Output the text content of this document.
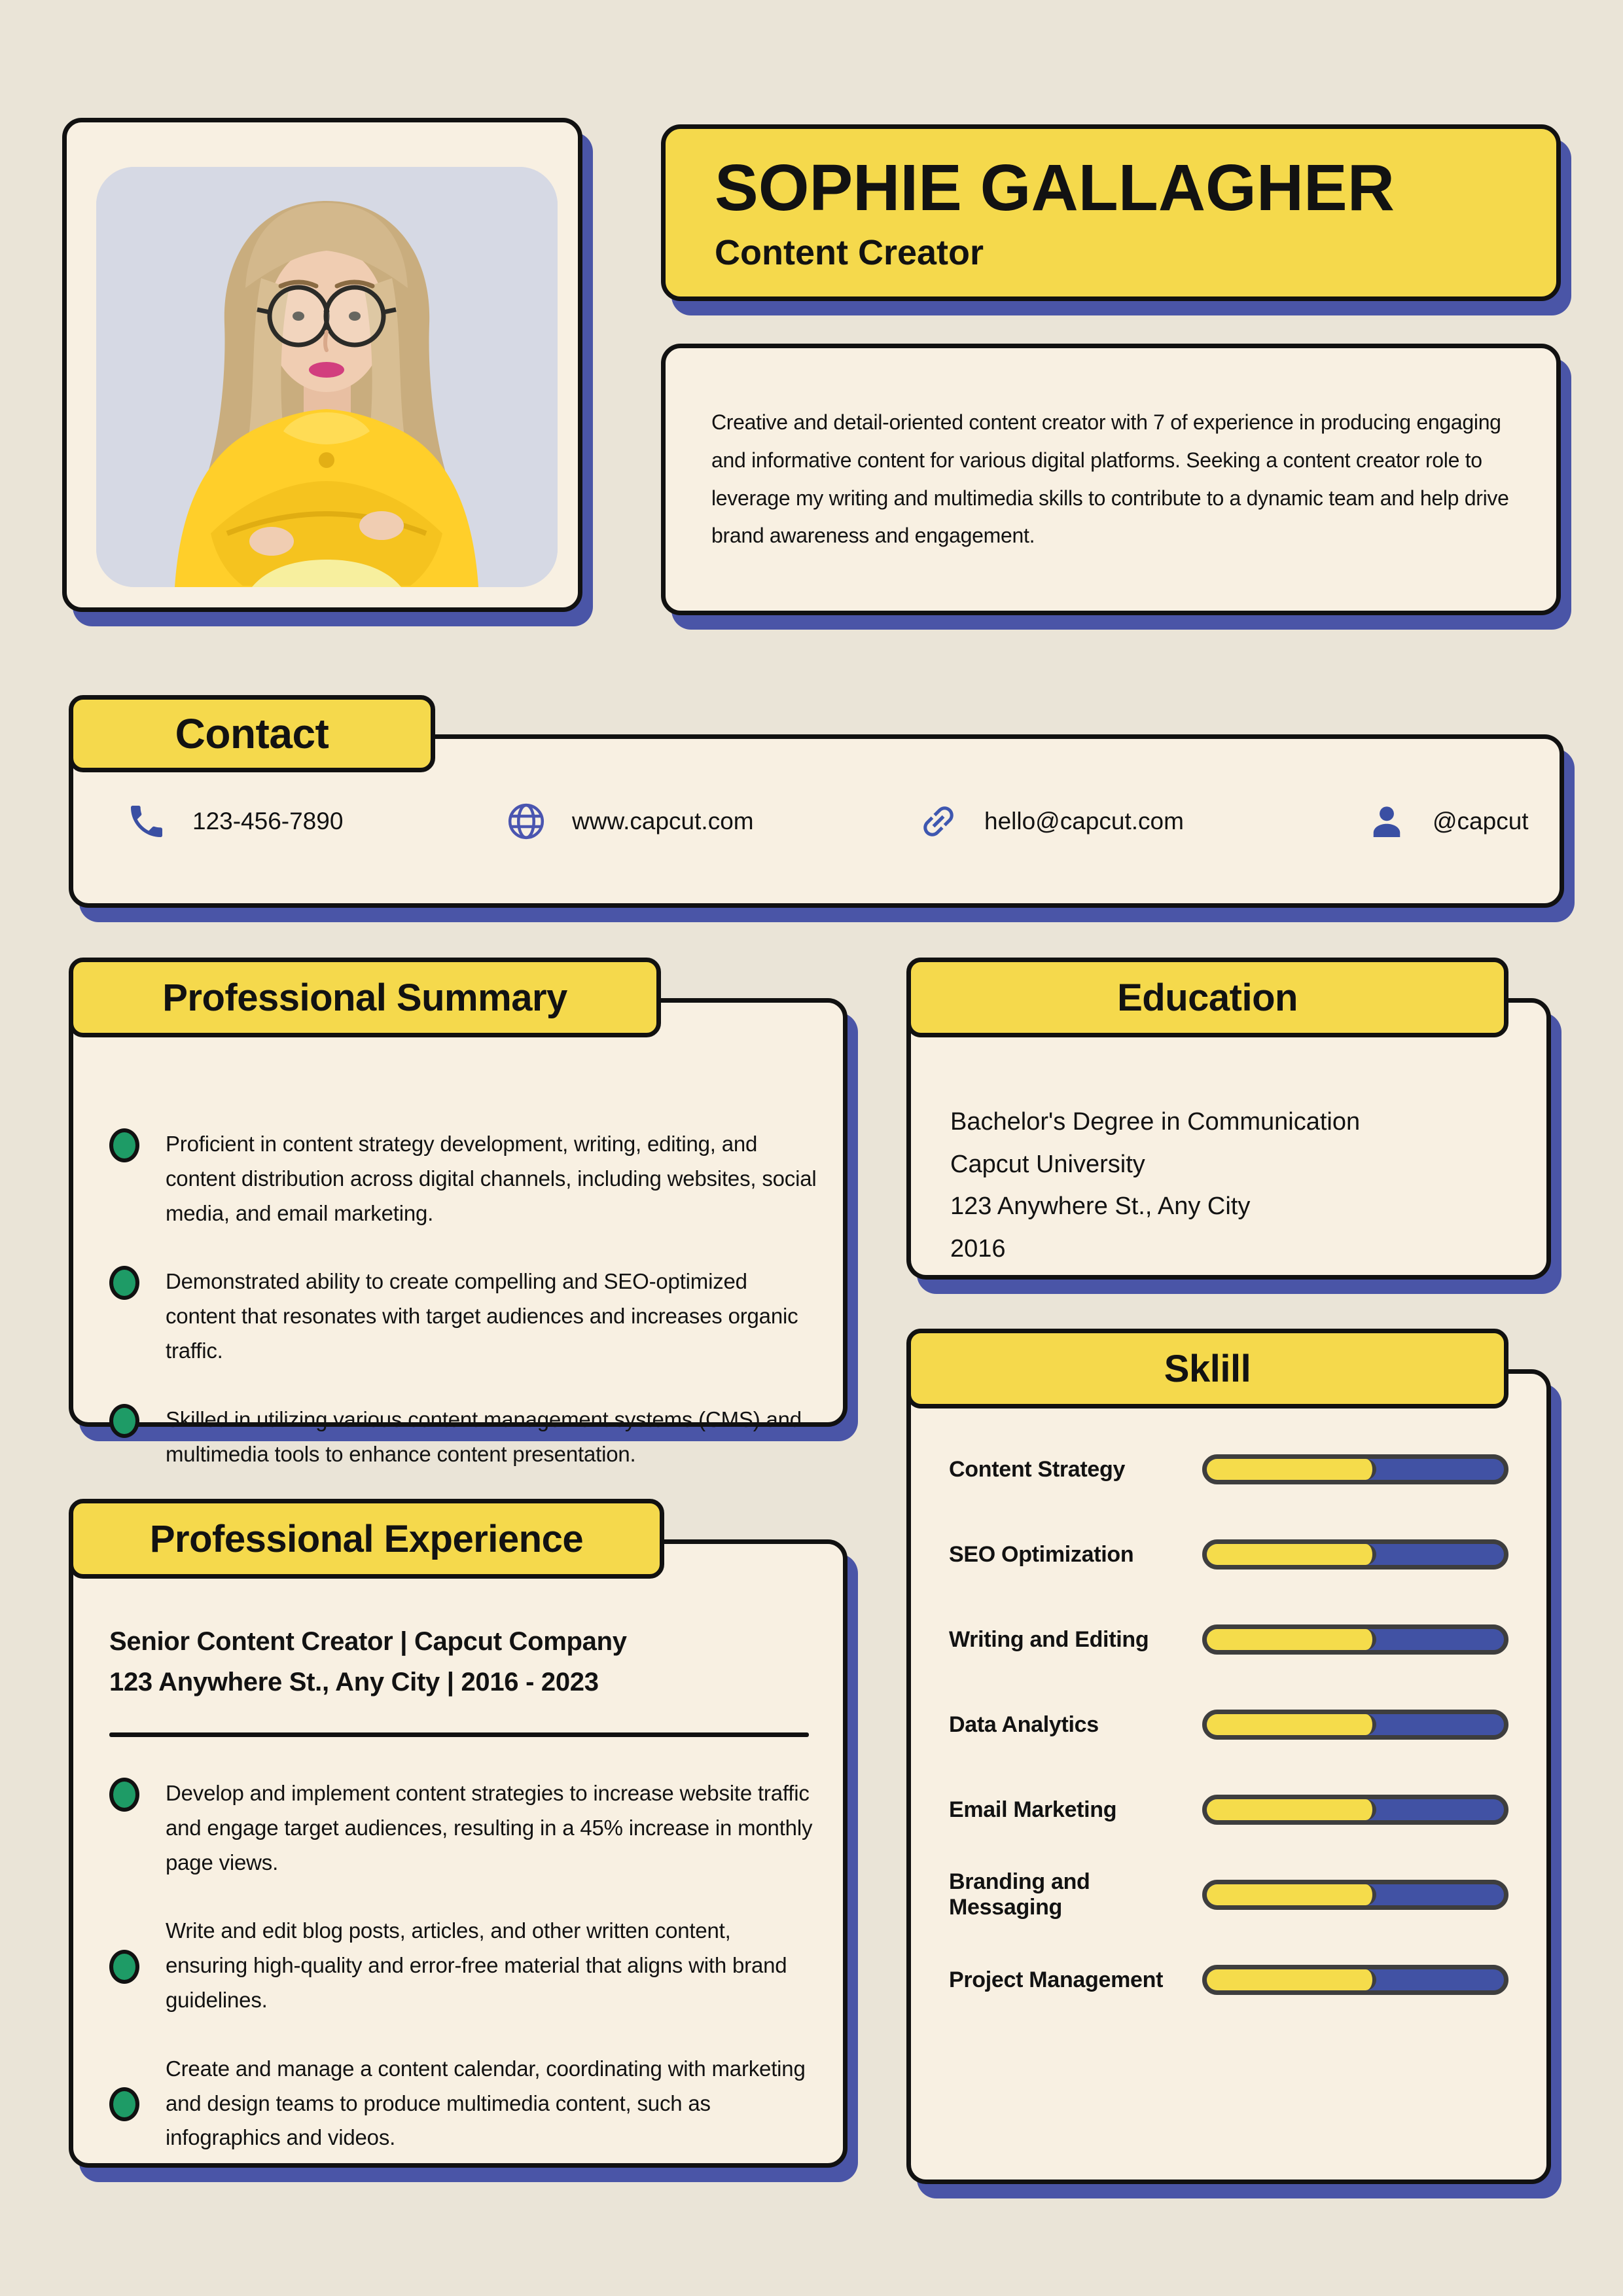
SOPHIE GALLAGHER
Content Creator

Creative and detail-oriented content creator with 7 of experience in producing engaging and informative content for various digital platforms. Seeking a content creator role to leverage my writing and multimedia skills to contribute to a dynamic team and help drive brand awareness and engagement.

Contact
123-456-7890	www.capcut.com	hello@capcut.com	@capcut
Professional Summary
Proficient in content strategy development, writing, editing, and content distribution across digital channels, including websites, social media, and email marketing.
Demonstrated ability to create compelling and SEO-optimized content that resonates with target audiences and increases organic traffic.
Skilled in utilizing various content management systems (CMS) and multimedia tools to enhance content presentation.
Education
Bachelor's Degree in Communication
Capcut University
123 Anywhere St., Any City
2016
Sklill
Content Strategy
SEO Optimization
Writing and Editing
Data Analytics
Email Marketing
Branding and Messaging
Project Management
Professional Experience
Senior Content Creator | Capcut Company
123 Anywhere St., Any City | 2016 - 2023
Develop and implement content strategies to increase website traffic and engage target audiences, resulting in a 45% increase in monthly page views.
Write and edit blog posts, articles, and other written content, ensuring high-quality and error-free material that aligns with brand guidelines.
Create and manage a content calendar, coordinating with marketing and design teams to produce multimedia content, such as infographics and videos.
